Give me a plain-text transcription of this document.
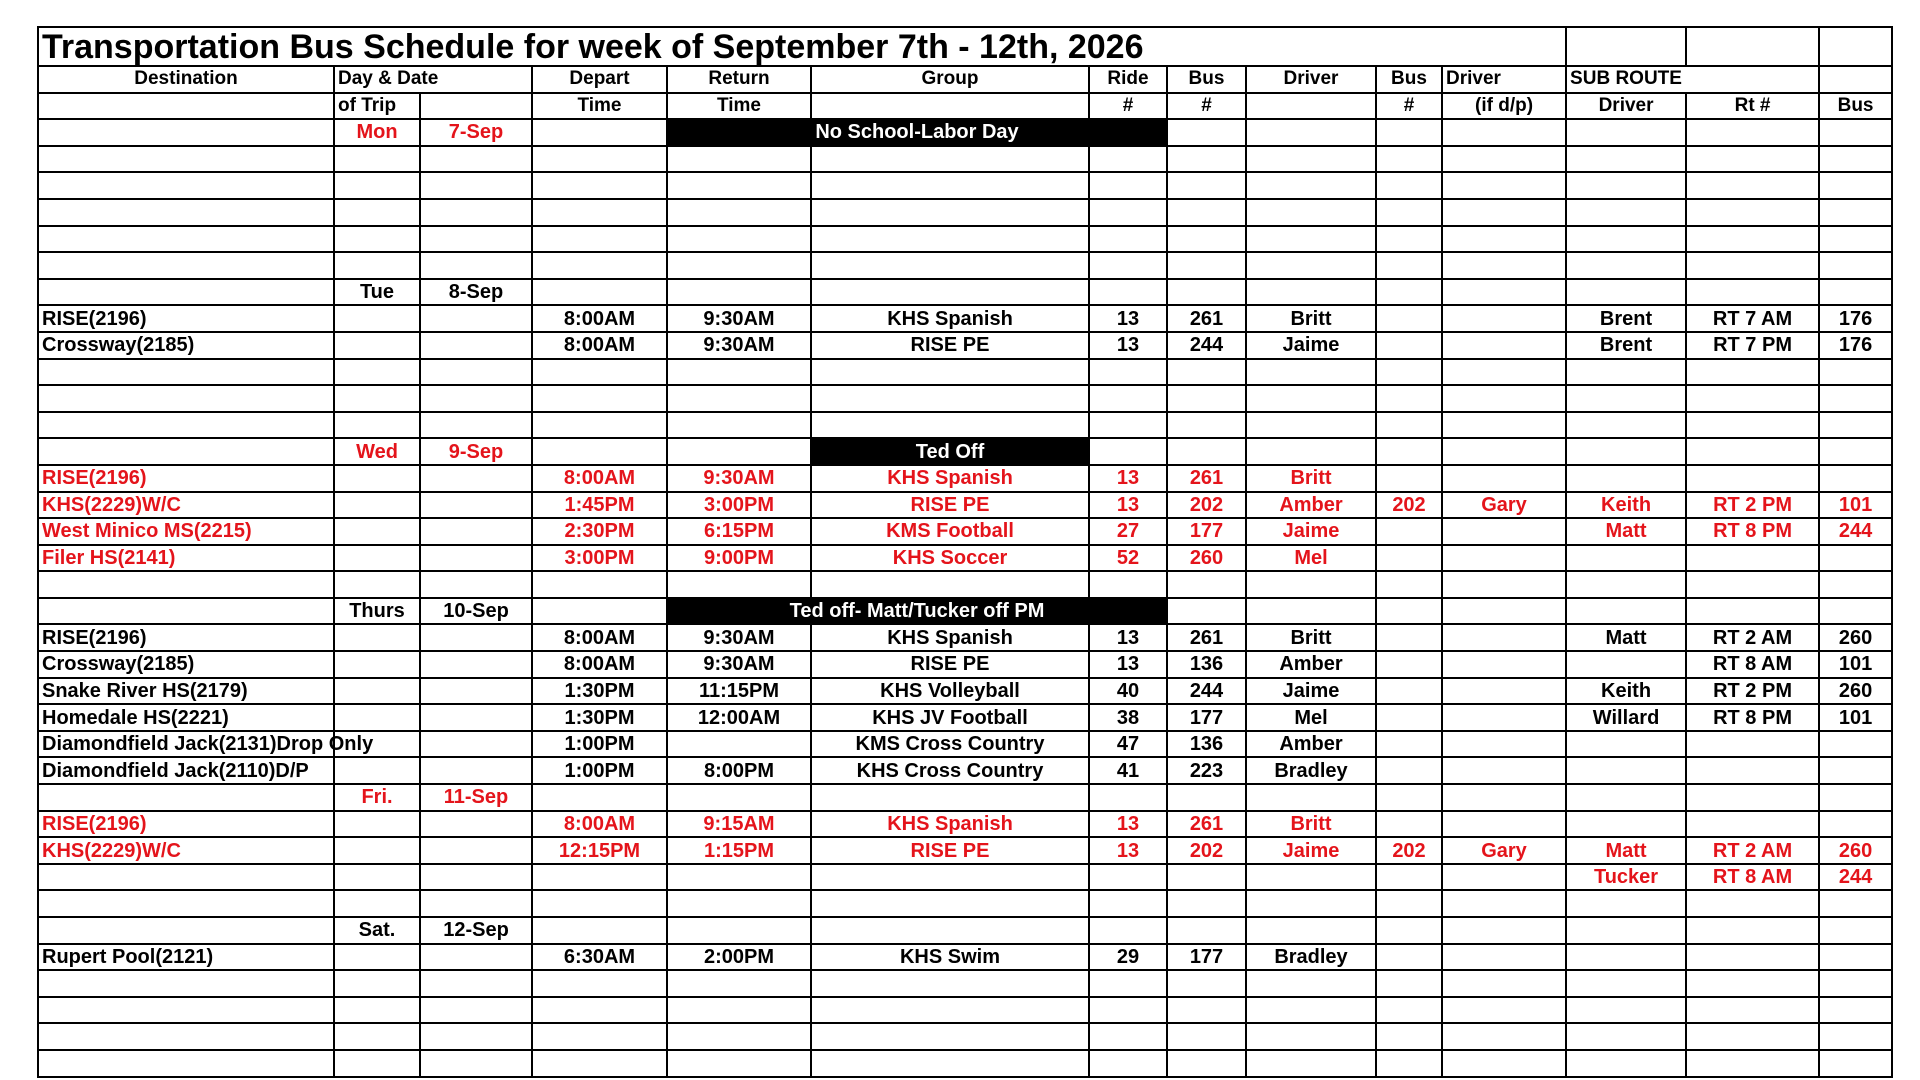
Transportation Bus Schedule for week of September 7th - 12th, 2026														
Destination	Day & Date		Depart	Return	Group	Ride	Bus	Driver	Bus	Driver	SUB ROUTE			
	of Trip		Time	Time		#	#		#	(if d/p)	Driver	Rt #	Bus	
	Mon	7-Sep		No School-Labor Day										

	Tue	8-Sep												
RISE(2196)			8:00AM	9:30AM	KHS Spanish	13	261	Britt			Brent	RT 7 AM	176	
Crossway(2185)			8:00AM	9:30AM	RISE PE	13	244	Jaime			Brent	RT 7 PM	176	

	Wed	9-Sep			Ted Off									
RISE(2196)			8:00AM	9:30AM	KHS Spanish	13	261	Britt						
KHS(2229)W/C			1:45PM	3:00PM	RISE PE	13	202	Amber	202	Gary	Keith	RT 2 PM	101	
West Minico MS(2215)			2:30PM	6:15PM	KMS Football	27	177	Jaime			Matt	RT 8 PM	244	
Filer HS(2141)			3:00PM	9:00PM	KHS Soccer	52	260	Mel						

	Thurs	10-Sep		Ted off- Matt/Tucker off PM										
RISE(2196)			8:00AM	9:30AM	KHS Spanish	13	261	Britt			Matt	RT 2 AM	260	
Crossway(2185)			8:00AM	9:30AM	RISE PE	13	136	Amber				RT 8 AM	101	
Snake River HS(2179)			1:30PM	11:15PM	KHS Volleyball	40	244	Jaime			Keith	RT 2 PM	260	
Homedale HS(2221)			1:30PM	12:00AM	KHS JV Football	38	177	Mel			Willard	RT 8 PM	101	
Diamondfield Jack(2131)Drop Only			1:00PM		KMS Cross Country	47	136	Amber						
Diamondfield Jack(2110)D/P			1:00PM	8:00PM	KHS Cross Country	41	223	Bradley						
	Fri.	11-Sep												
RISE(2196)			8:00AM	9:15AM	KHS Spanish	13	261	Britt						
KHS(2229)W/C			12:15PM	1:15PM	RISE PE	13	202	Jaime	202	Gary	Matt	RT 2 AM	260	
											Tucker	RT 8 AM	244	

	Sat.	12-Sep												
Rupert Pool(2121)			6:30AM	2:00PM	KHS Swim	29	177	Bradley						
